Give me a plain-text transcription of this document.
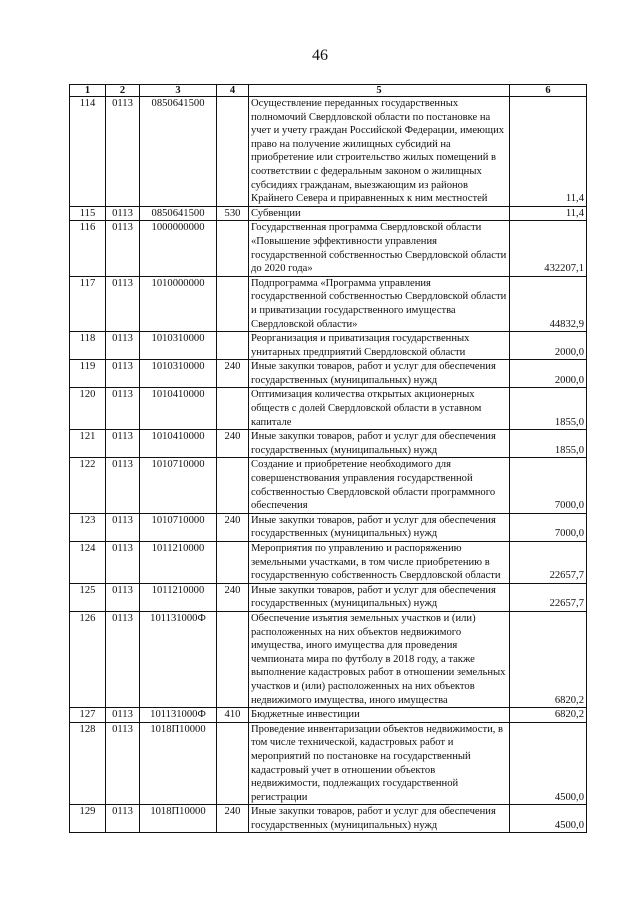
46
1	2	3	4	5	6
114	0113	0850641500		Осуществление переданных государственных полномочий Свердловской области по постановке на учет и учету граждан Российской Федерации, имеющих право на получение жилищных субсидий на приобретение или строительство жилых помещений в соответствии с федеральным законом о жилищных субсидиях гражданам, выезжающим из районов Крайнего Севера и приравненных к ним местностей	11,4
115	0113	0850641500	530	Субвенции	11,4
116	0113	1000000000		Государственная программа Свердловской области «Повышение эффективности управления государственной собственностью Свердловской области до 2020 года»	432207,1
117	0113	1010000000		Подпрограмма «Программа управления государственной собственностью Свердловской области и приватизации государственного имущества Свердловской области»	44832,9
118	0113	1010310000		Реорганизация и приватизация государственных унитарных предприятий Свердловской области	2000,0
119	0113	1010310000	240	Иные закупки товаров, работ и услуг для обеспечения государственных (муниципальных) нужд	2000,0
120	0113	1010410000		Оптимизация количества открытых акционерных обществ с долей Свердловской области в уставном капитале	1855,0
121	0113	1010410000	240	Иные закупки товаров, работ и услуг для обеспечения государственных (муниципальных) нужд	1855,0
122	0113	1010710000		Создание и приобретение необходимого для совершенствования управления государственной собственностью Свердловской области программного обеспечения	7000,0
123	0113	1010710000	240	Иные закупки товаров, работ и услуг для обеспечения государственных (муниципальных) нужд	7000,0
124	0113	1011210000		Мероприятия по управлению и распоряжению земельными участками, в том числе приобретению в государственную собственность Свердловской области	22657,7
125	0113	1011210000	240	Иные закупки товаров, работ и услуг для обеспечения государственных (муниципальных) нужд	22657,7
126	0113	101131000Ф		Обеспечение изъятия земельных участков и (или) расположенных на них объектов недвижимого имущества, иного имущества для проведения чемпионата мира по футболу в 2018 году, а также выполнение кадастровых работ в отношении земельных участков и (или) расположенных на них объектов недвижимого имущества, иного имущества	6820,2
127	0113	101131000Ф	410	Бюджетные инвестиции	6820,2
128	0113	1018П10000		Проведение инвентаризации объектов недвижимости, в том числе технической, кадастровых работ и мероприятий по постановке на государственный кадастровый учет в отношении объектов недвижимости, подлежащих государственной регистрации	4500,0
129	0113	1018П10000	240	Иные закупки товаров, работ и услуг для обеспечения государственных (муниципальных) нужд	4500,0
